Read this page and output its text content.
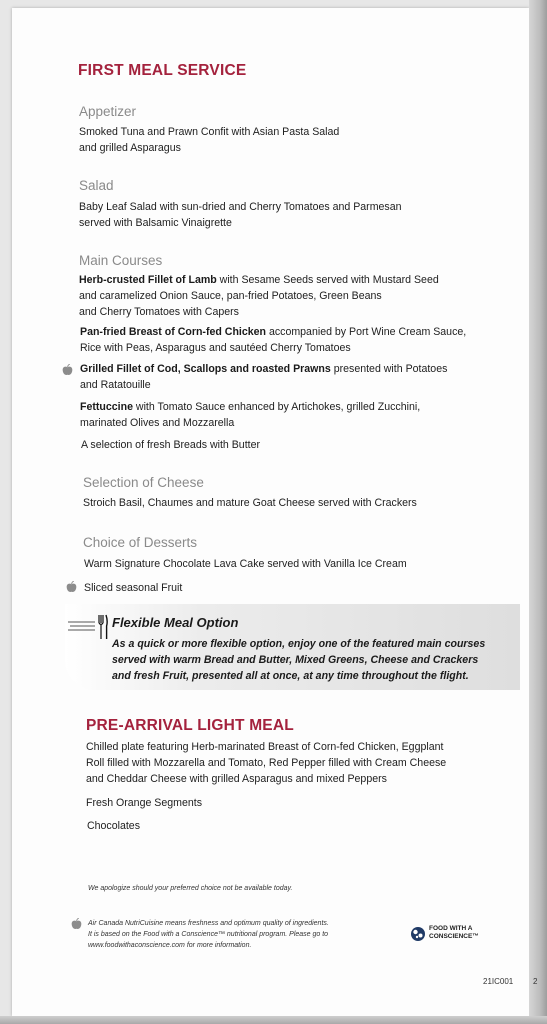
FIRST MEAL SERVICE
Appetizer
Smoked Tuna and Prawn Confit with Asian Pasta Salad
and grilled Asparagus
Salad
Baby Leaf Salad with sun-dried and Cherry Tomatoes and Parmesan
served with Balsamic Vinaigrette
Main Courses
Herb-crusted Fillet of Lamb with Sesame Seeds served with Mustard Seed
and caramelized Onion Sauce, pan-fried Potatoes, Green Beans
and Cherry Tomatoes with Capers
Pan-fried Breast of Corn-fed Chicken accompanied by Port Wine Cream Sauce,
Rice with Peas, Asparagus and sautéed Cherry Tomatoes
Grilled Fillet of Cod, Scallops and roasted Prawns presented with Potatoes
and Ratatouille
Fettuccine with Tomato Sauce enhanced by Artichokes, grilled Zucchini,
marinated Olives and Mozzarella
A selection of fresh Breads with Butter
Selection of Cheese
Stroich Basil, Chaumes and mature Goat Cheese served with Crackers
Choice of Desserts
Warm Signature Chocolate Lava Cake served with Vanilla Ice Cream
Sliced seasonal Fruit
Flexible Meal Option
As a quick or more flexible option, enjoy one of the featured main courses
served with warm Bread and Butter, Mixed Greens, Cheese and Crackers
and fresh Fruit, presented all at once, at any time throughout the flight.
PRE-ARRIVAL LIGHT MEAL
Chilled plate featuring Herb-marinated Breast of Corn-fed Chicken, Eggplant
Roll filled with Mozzarella and Tomato, Red Pepper filled with Cream Cheese
and Cheddar Cheese with grilled Asparagus and mixed Peppers
Fresh Orange Segments
Chocolates
We apologize should your preferred choice not be available today.
Air Canada NutriCuisine means freshness and optimum quality of ingredients.
It is based on the Food with a Conscience™ nutritional program. Please go to
www.foodwithaconscience.com for more information.
FOOD WITH A
CONSCIENCE™
21IC001 2
